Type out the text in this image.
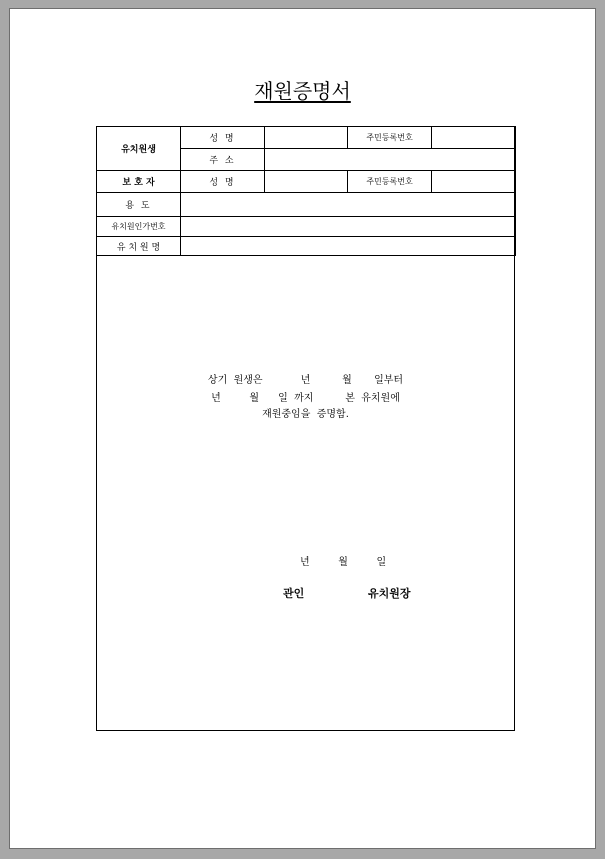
재원증명서
유치원생	성 명		주민등록번호	
	주 소			
보 호 자	성 명		주민등록번호	
용 도				
유치원인가번호				
유 치 원 명				
상기  원생은            년          월       일부터
년         월      일  까지          본  유치원에
재원중임을  증명함.
년         월         일
관인	유치원장
